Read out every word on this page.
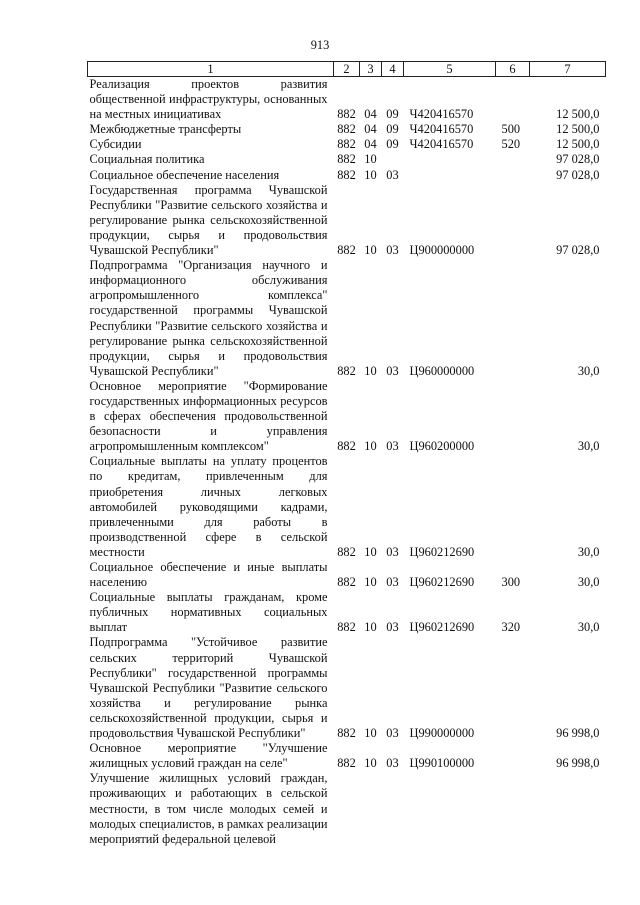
913
1	2	3	4	5	6	7
Реализация проектов развития общественной инфраструктуры, основанных на местных инициативах	882	04	09	Ч420416570		12 500,0
Межбюджетные трансферты	882	04	09	Ч420416570	500	12 500,0
Субсидии	882	04	09	Ч420416570	520	12 500,0
Социальная политика	882	10				97 028,0
Социальное обеспечение населения	882	10	03			97 028,0
Государственная программа Чувашской Республики "Развитие сельского хозяйства и регулирование рынка сельскохозяйственной продукции, сырья и продовольствия Чувашской Республики"	882	10	03	Ц900000000		97 028,0
Подпрограмма "Организация научного и информационного обслуживания агропромышленного комплекса" государственной программы Чувашской Республики "Развитие сельского хозяйства и регулирование рынка сельскохозяйственной продукции, сырья и продовольствия Чувашской Республики"	882	10	03	Ц960000000		30,0
Основное мероприятие "Формирование государственных информационных ресурсов в сферах обеспечения продовольственной безопасности и управления агропромышленным комплексом"	882	10	03	Ц960200000		30,0
Социальные выплаты на уплату процентов по кредитам, привлеченным для приобретения личных легковых автомобилей руководящими кадрами, привлеченными для работы в производственной сфере в сельской местности	882	10	03	Ц960212690		30,0
Социальное обеспечение и иные выплаты населению	882	10	03	Ц960212690	300	30,0
Социальные выплаты гражданам, кроме публичных нормативных социальных выплат	882	10	03	Ц960212690	320	30,0
Подпрограмма "Устойчивое развитие сельских территорий Чувашской Республики" государственной программы Чувашской Республики "Развитие сельского хозяйства и регулирование рынка сельскохозяйственной продукции, сырья и продовольствия Чувашской Республики"	882	10	03	Ц990000000		96 998,0
Основное мероприятие "Улучшение жилищных условий граждан на селе"	882	10	03	Ц990100000		96 998,0
Улучшение жилищных условий граждан, проживающих и работающих в сельской местности, в том числе молодых семей и молодых специалистов, в рамках реализации мероприятий федеральной целевой						
